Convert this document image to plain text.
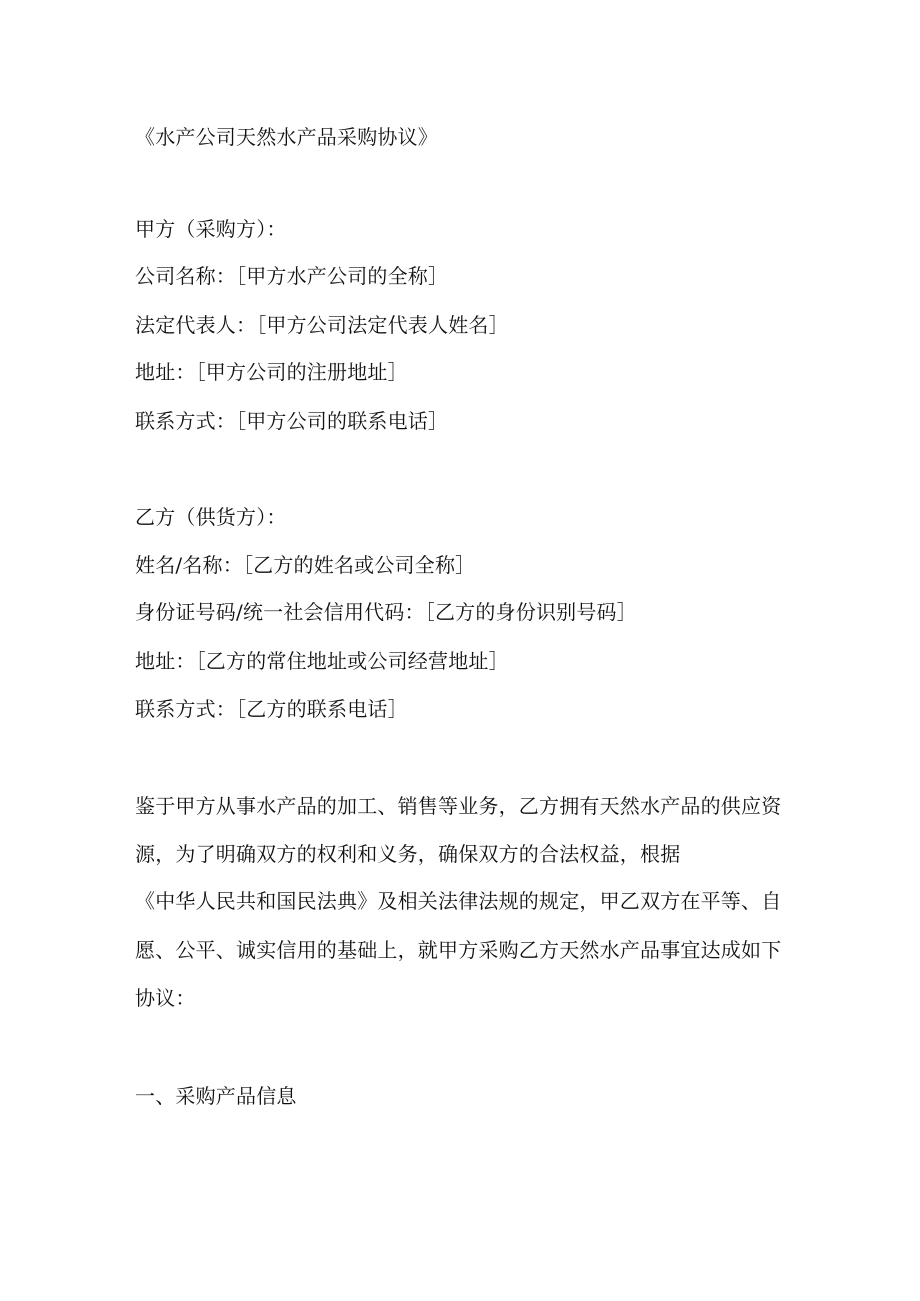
《水产公司天然水产品采购协议》
甲方（采购方）：
公司名称：［甲方水产公司的全称］
法定代表人：［甲方公司法定代表人姓名］
地址：［甲方公司的注册地址］
联系方式：［甲方公司的联系电话］
乙方（供货方）：
姓名/名称：［乙方的姓名或公司全称］
身份证号码/统一社会信用代码：［乙方的身份识别号码］
地址：［乙方的常住地址或公司经营地址］
联系方式：［乙方的联系电话］
鉴于甲方从事水产品的加工、销售等业务，乙方拥有天然水产品的供应资
源，为了明确双方的权利和义务，确保双方的合法权益，根据
《中华人民共和国民法典》及相关法律法规的规定，甲乙双方在平等、自
愿、公平、诚实信用的基础上，就甲方采购乙方天然水产品事宜达成如下
协议：
一、采购产品信息
